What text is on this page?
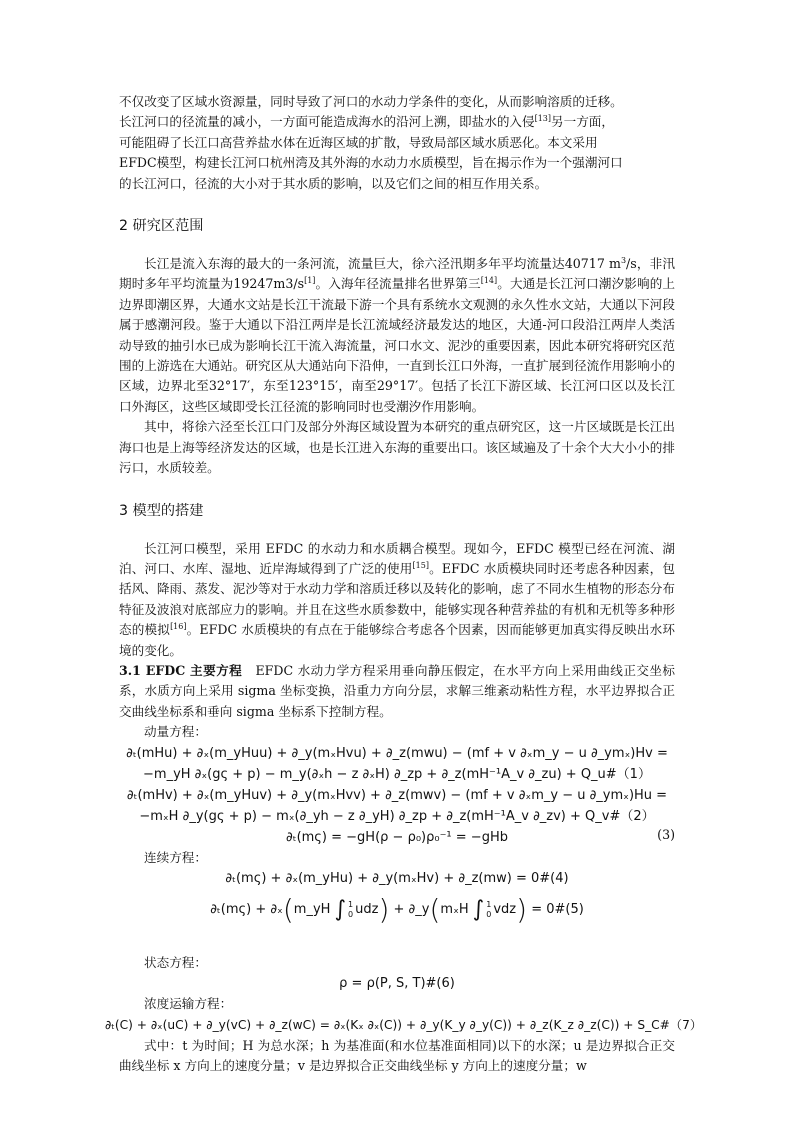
不仅改变了区域水资源量，同时导致了河口的水动力学条件的变化，从而影响溶质的迁移。

长江河口的径流量的减小，一方面可能造成海水的沿河上溯，即盐水的入侵[13]另一方面，

可能阻碍了长江口高营养盐水体在近海区域的扩散，导致局部区域水质恶化。本文采用

EFDC模型，构建长江河口杭州湾及其外海的水动力水质模型，旨在揭示作为一个强潮河口

的长江河口，径流的大小对于其水质的影响，以及它们之间的相互作用关系。

2 研究区范围

长江是流入东海的最大的一条河流，流量巨大，徐六泾汛期多年平均流量达40717 $m^3/s$，非汛期时多年平均流量为19247m3/s[1]。入海年径流量排名世界第三[14]。大通是长江河口潮汐影响的上边界即潮区界，大通水文站是长江干流最下游一个具有系统水文观测的永久性水文站，大通以下河段属于感潮河段。鉴于大通以下沿江两岸是长江流域经济最发达的地区，大通-河口段沿江两岸人类活动导致的抽引水已成为影响长江干流入海流量，河口水文、泥沙的重要因素，因此本研究将研究区范围的上游选在大通站。研究区从大通站向下沿伸，一直到长江口外海，一直扩展到径流作用影响小的区域，边界北至32°17′，东至123°15′，南至29°17′。包括了长江下游区域、长江河口区以及长江口外海区，这些区域即受长江径流的影响同时也受潮汐作用影响。

其中，将徐六泾至长江口门及部分外海区域设置为本研究的重点研究区，这一片区域既是长江出海口也是上海等经济发达的区域，也是长江进入东海的重要出口。该区域遍及了十余个大大小小的排污口，水质较差。

3 模型的搭建

长江河口模型，采用 EFDC 的水动力和水质耦合模型。现如今，EFDC 模型已经在河流、湖泊、河口、水库、湿地、近岸海域得到了广泛的使用[15]。EFDC 水质模块同时还考虑各种因素，包括风、降雨、蒸发、泥沙等对于水动力学和溶质迁移以及转化的影响，虑了不同水生植物的形态分布特征及波浪对底部应力的影响。并且在这些水质参数中，能够实现各种营养盐的有机和无机等多种形态的模拟[16]。EFDC 水质模块的有点在于能够综合考虑各个因素，因而能够更加真实得反映出水环境的变化。

3.1 EFDC 主要方程 EFDC 水动力学方程采用垂向静压假定，在水平方向上采用曲线正交坐标系，水质方向上采用 sigma 坐标变换，沿重力方向分层，求解三维紊动粘性方程，水平边界拟合正交曲线坐标系和垂向 sigma 坐标系下控制方程。

动量方程：

∂ₜ(mHu) + ∂ₓ(m_yHuu) + ∂_y(mₓHvu) + ∂_z(mwu) − (mf + v ∂ₓm_y − u ∂_ymₓ)Hv =
−m_yH ∂ₓ(gς + p) − m_y(∂ₓh − z ∂ₓH) ∂_zp + ∂_z(mH⁻¹A_v ∂_zu) + Q_u#（1）
∂ₜ(mHv) + ∂ₓ(m_yHuv) + ∂_y(mₓHvv) + ∂_z(mwv) − (mf + v ∂ₓm_y − u ∂_ymₓ)Hu =
−mₓH ∂_y(gς + p) − mₓ(∂_yh − z ∂_yH) ∂_zp + ∂_z(mH⁻¹A_v ∂_zv) + Q_v#（2）
∂ₜ(mς) = −gH(ρ − ρ₀)ρ₀⁻¹ = −gHb	(3)

连续方程：

∂ₜ(mς) + ∂ₓ(m_yHu) + ∂_y(mₓHv) + ∂_z(mw) = 0#(4)
∂ₜ(mς) + ∂ₓ ( m_yH
∫ 1
0 udz )
+ ∂_y ( mₓH
∫ 1
0 vdz )
= 0#(5)

状态方程：

ρ = ρ(P, S, T)#(6)

浓度运输方程：

∂ₜ(C) + ∂ₓ(uC) + ∂_y(vC) + ∂_z(wC) = ∂ₓ(Kₓ ∂ₓ(C)) + ∂_y(K_y ∂_y(C)) + ∂_z(K_z ∂_z(C)) + S_C#（7）

式中：t 为时间；H 为总水深；h 为基准面(和水位基准面相同)以下的水深；u 是边界拟合正交曲线坐标 x 方向上的速度分量；v 是边界拟合正交曲线坐标 y 方向上的速度分量；w
